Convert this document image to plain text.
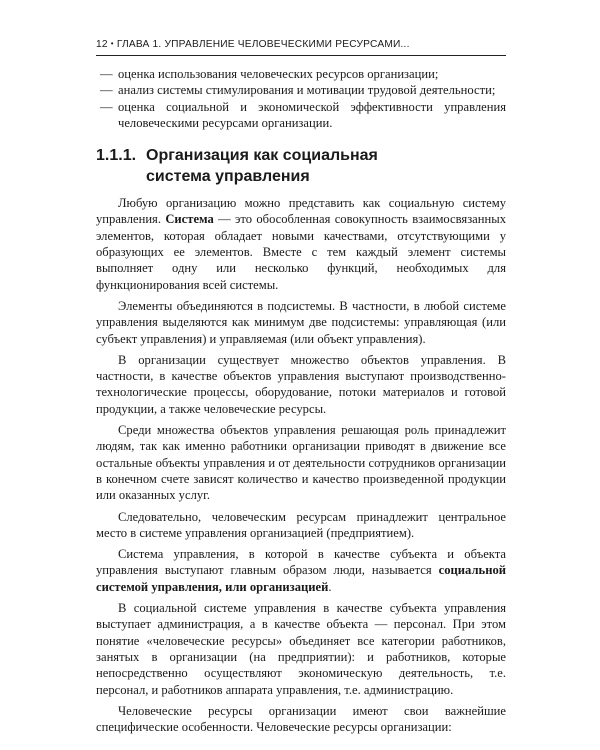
12 • ГЛАВА 1. УПРАВЛЕНИЕ ЧЕЛОВЕЧЕСКИМИ РЕСУРСАМИ...
— оценка использования человеческих ресурсов организации;
— анализ системы стимулирования и мотивации трудовой деятельности;
— оценка социальной и экономической эффективности управления человеческими ресурсами организации.
1.1.1. Организация как социальная
система управления

Любую организацию можно представить как социальную систему управления. Система — это обособленная совокупность взаимосвязанных элементов, которая обладает новыми качествами, отсутствующими у образующих ее элементов. Вместе с тем каждый элемент системы выполняет одну или несколько функций, необходимых для функционирования всей системы.

Элементы объединяются в подсистемы. В частности, в любой системе управления выделяются как минимум две подсистемы: управляющая (или субъект управления) и управляемая (или объект управления).

В организации существует множество объектов управления. В частности, в качестве объектов управления выступают производственно-технологические процессы, оборудование, потоки материалов и готовой продукции, а также человеческие ресурсы.

Среди множества объектов управления решающая роль принадлежит людям, так как именно работники организации приводят в движение все остальные объекты управления и от деятельности сотрудников организации в конечном счете зависят количество и качество произведенной продукции или оказанных услуг.

Следовательно, человеческим ресурсам принадлежит центральное место в системе управления организацией (предприятием).

Система управления, в которой в качестве субъекта и объекта управления выступают главным образом люди, называется социальной системой управления, или организацией.

В социальной системе управления в качестве субъекта управления выступает администрация, а в качестве объекта — персонал. При этом понятие «человеческие ресурсы» объединяет все категории работников, занятых в организации (на предприятии): и работников, которые непосредственно осуществляют экономическую деятельность, т.е. персонал, и работников аппарата управления, т.е. администрацию.

Человеческие ресурсы организации имеют свои важнейшие специфические особенности. Человеческие ресурсы организации:
